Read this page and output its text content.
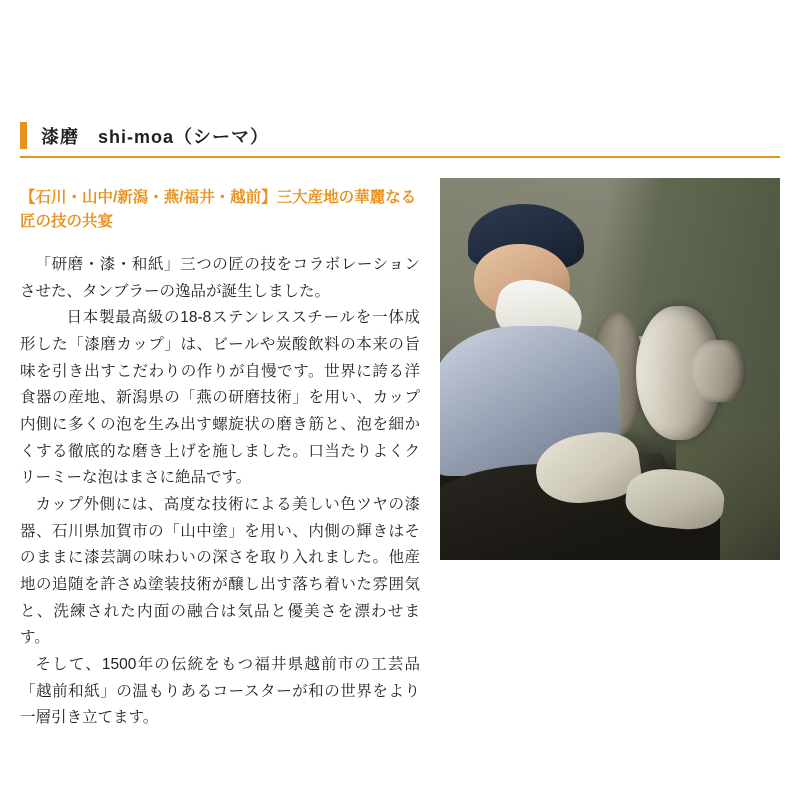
漆磨　shi-moa（シーマ）

【石川・山中/新潟・燕/福井・越前】三大産地の華麗なる匠の技の共宴

「研磨・漆・和紙」三つの匠の技をコラボレーションさせた、タンブラーの逸品が誕生しました。

日本製最高級の18-8ステンレススチールを一体成形した「漆磨カップ」は、ビールや炭酸飲料の本来の旨味を引き出すこだわりの作りが自慢です。世界に誇る洋食器の産地、新潟県の「燕の研磨技術」を用い、カップ内側に多くの泡を生み出す螺旋状の磨き筋と、泡を細かくする徹底的な磨き上げを施しました。口当たりよくクリーミーな泡はまさに絶品です。

カップ外側には、高度な技術による美しい色ツヤの漆器、石川県加賀市の「山中塗」を用い、内側の輝きはそのままに漆芸調の味わいの深さを取り入れました。他産地の追随を許さぬ塗装技術が醸し出す落ち着いた雰囲気と、洗練された内面の融合は気品と優美さを漂わせます。

そして、1500年の伝統をもつ福井県越前市の工芸品「越前和紙」の温もりあるコースターが和の世界をより一層引き立てます。
